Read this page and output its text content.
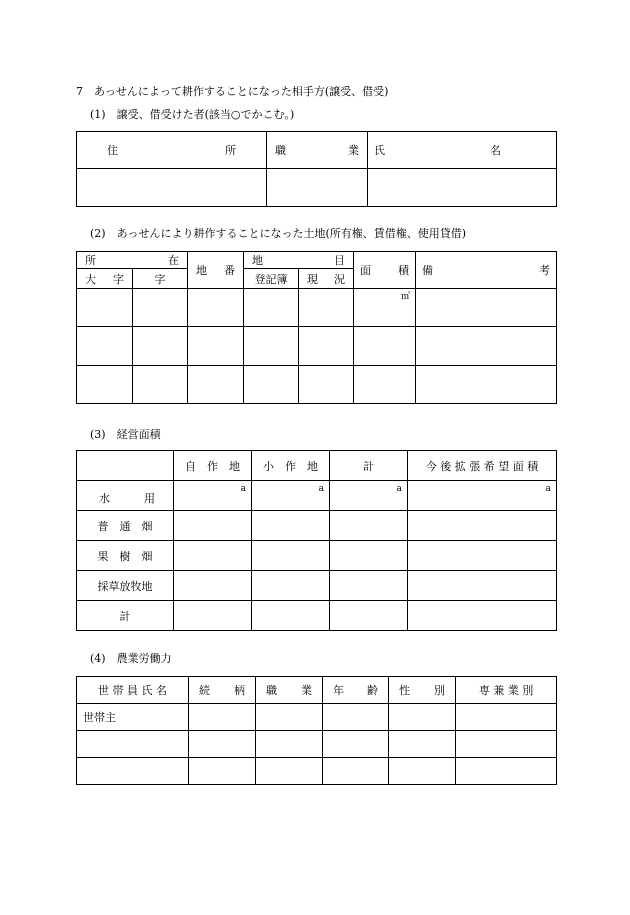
7　あっせんによって耕作することになった相手方(譲受、借受)
(1)　譲受、借受けた者(該当○でかこむ。)
住 所	職 業	氏 名

(2)　あっせんにより耕作することになった土地(所有権、賃借権、使用貸借)
所 在		地 番	地 目		面 積	備 考

大 字	字		登記簿	現 況		

					㎡	

(3)　経営面積
	自　作　地	小　作　地	計	今 後 拡 張 希 望 面 積

水 用	a	a	a	a
普　通　畑				
果　樹　畑				
採草放牧地				
計				
(4)　農業労働力
世 帯 員 氏 名	続 柄	職 業	年 齢	性 別	専 兼 業 別
世帯主					
